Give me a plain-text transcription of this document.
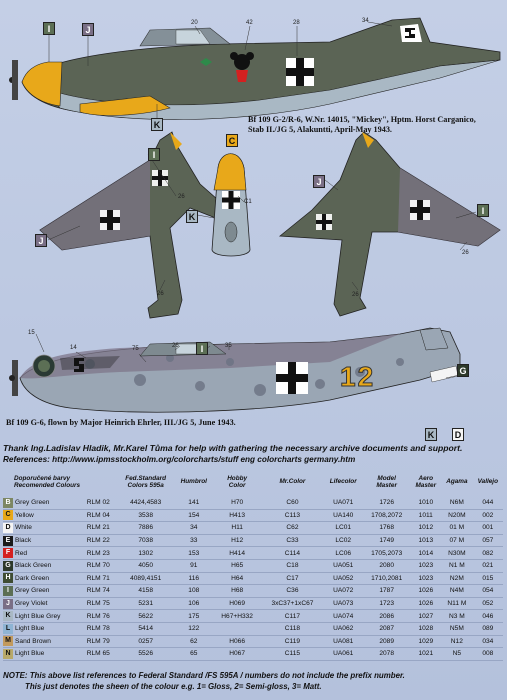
20	42	28	34
I	J
K
Bf 109 G-2/R-6, W.Nr. 14015, "Mickey", Hptm. Horst Carganico,
Stab II./JG 5, Alakuntti, April-May 1943.
I
J
26
26
C
C1
K
I
J
26
26
15
14	75	26	35
I
G
K	D
12
Bf 109 G-6, flown by Major Heinrich Ehrler, III./JG 5, June 1943.
Thank Ing.Ladislav Hladik, Mr.Karel Tůma for help with gathering the necessary archive documents and support.
References: http://www.ipmsstockholm.org/colorcharts/stuff eng colorcharts germany.htm
	Doporučené barvy
Recomended Colours		Fed.Standard
Colors 595a	Humbrol	Hobby
Color	Mr.Color	Lifecolor	Model
Master	Aero
Master	Agama	Vallejo

B	Grey Green	RLM 02	4424,4583	141	H70	C60	UA071	1726	1010	N6M	044

C	Yellow	RLM 04	3538	154	H413	C113	UA140	1708,2072	1011	N20M	002

D	White	RLM 21	7886	34	H11	C62	LC01	1768	1012	01 M	001

E	Black	RLM 22	7038	33	H12	C33	LC02	1749	1013	07 M	057

F	Red	RLM 23	1302	153	H414	C114	LC06	1705,2073	1014	N30M	082

G	Black Green	RLM 70	4050	91	H65	C18	UA051	2080	1023	N1 M	021

H	Dark Green	RLM 71	4089,4151	116	H64	C17	UA052	1710,2081	1023	N2M	015

I	Grey Green	RLM 74	4158	108	H68	C36	UA072	1787	1026	N4M	054

J	Grey Violet	RLM 75	5231	106	H069	3xC37+1xC67	UA073	1723	1026	N11 M	052

K	Light Blue Grey	RLM 76	5622	175	H67+H332	C117	UA074	2086	1027	N3 M	046

L	Light Blue	RLM 78	5414	122		C118	UA062	2087	1028	N5M	089

M	Sand Brown	RLM 79	0257	62	H066	C119	UA081	2089	1029	N12	034

N	Light Blue	RLM 65	5526	65	H067	C115	UA061	2078	1021	N5	008
NOTE: This above list references to Federal Standard /FS 595A / numbers do not include the prefix number.
This just denotes the sheen of the colour e.g. 1= Gloss, 2= Semi-gloss, 3= Matt.
